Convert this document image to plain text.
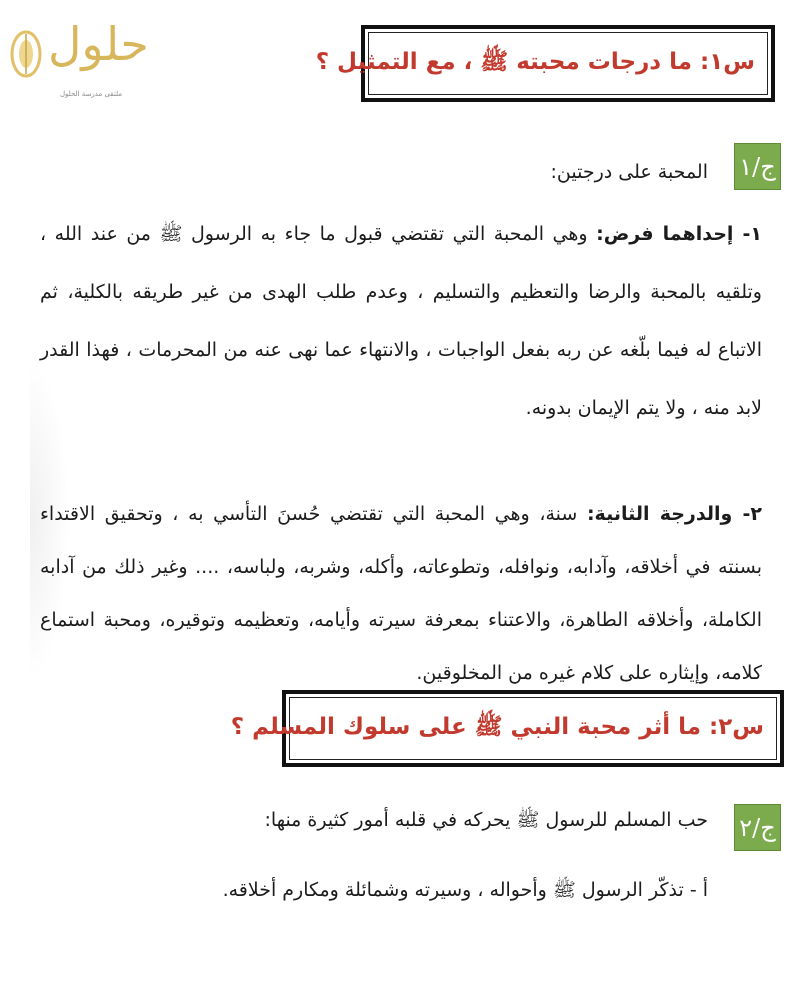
حلول
ملتقى مدرسة الحلول
س١: ما درجات محبته ﷺ ، مع التمثيل ؟
ج/١
المحبة على درجتين:
١- إحداهما فرض: وهي المحبة التي تقتضي قبول ما جاء به الرسول ﷺ من عند الله ، وتلقيه بالمحبة والرضا والتعظيم والتسليم ، وعدم طلب الهدى من غير طريقه بالكلية، ثم الاتباع له فيما بلّغه عن ربه بفعل الواجبات ، والانتهاء عما نهى عنه من المحرمات ، فهذا القدر لابد منه ، ولا يتم الإيمان بدونه.
٢- والدرجة الثانية: سنة، وهي المحبة التي تقتضي حُسنَ التأسي به ، وتحقيق الاقتداء بسنته في أخلاقه، وآدابه، ونوافله، وتطوعاته، وأكله، وشربه، ولباسه، .... وغير ذلك من آدابه الكاملة، وأخلاقه الطاهرة، والاعتناء بمعرفة سيرته وأيامه، وتعظيمه وتوقيره، ومحبة استماع كلامه، وإيثاره على كلام غيره من المخلوقين.
س٢: ما أثر محبة النبي ﷺ على سلوك المسلم ؟
ج/٢
حب المسلم للرسول ﷺ يحركه في قلبه أمور كثيرة منها:
أ - تذكّر الرسول ﷺ وأحواله ، وسيرته وشمائلة ومكارم أخلاقه.
